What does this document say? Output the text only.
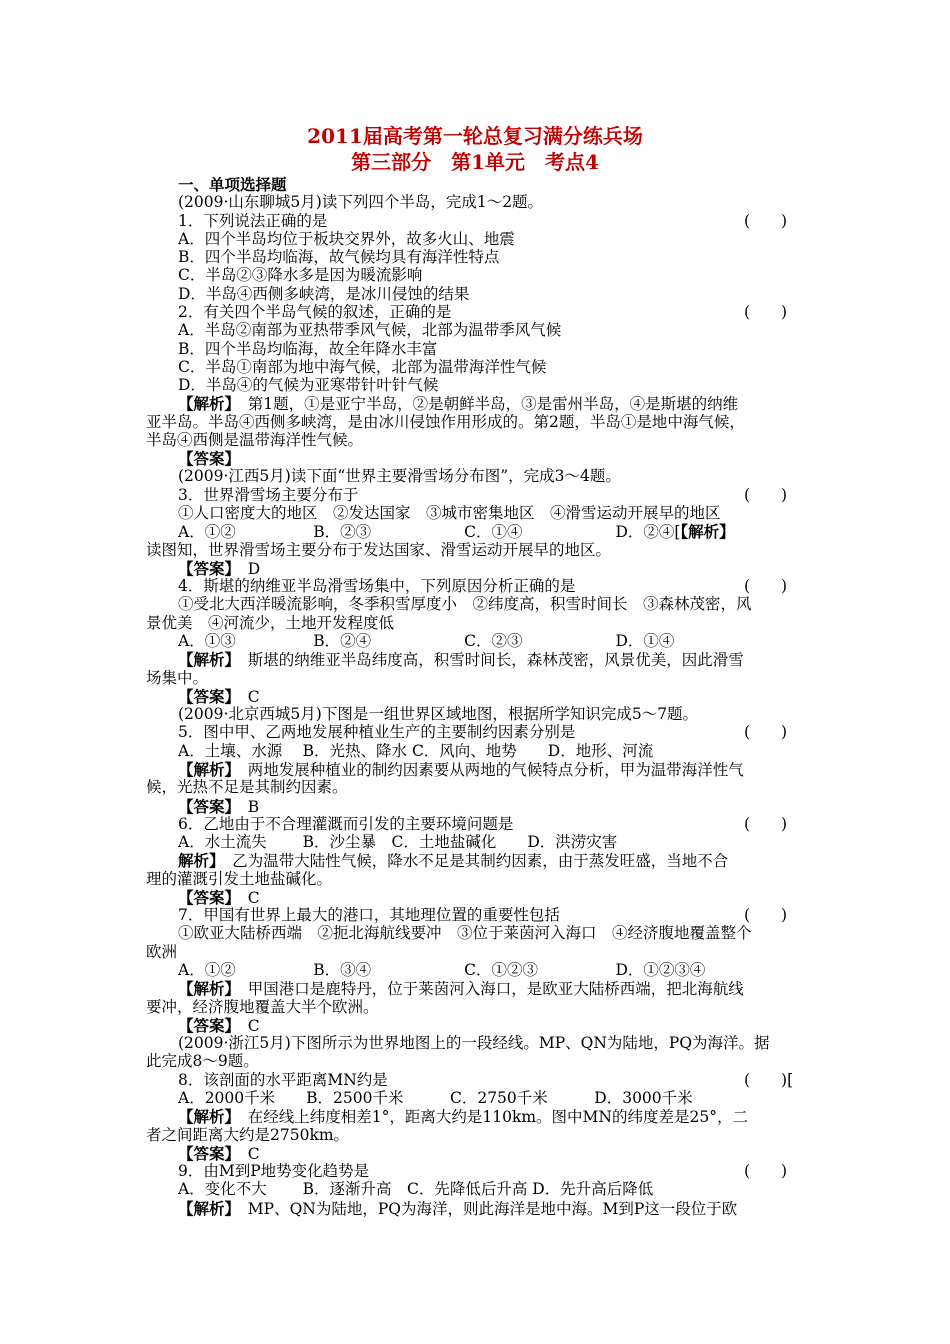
2011届高考第一轮总复习满分练兵场
第三部分　第1单元　考点4
一、单项选择题
(2009·山东聊城5月)读下列四个半岛，完成1～2题。
1．下列说法正确的是	(　　)
A．四个半岛均位于板块交界外，故多火山、地震
B．四个半岛均临海，故气候均具有海洋性特点
C．半岛②③降水多是因为暖流影响
D．半岛④西侧多峡湾，是冰川侵蚀的结果
2．有关四个半岛气候的叙述，正确的是	(　　)
A．半岛②南部为亚热带季风气候，北部为温带季风气候
B．四个半岛均临海，故全年降水丰富
C．半岛①南部为地中海气候，北部为温带海洋性气候
D．半岛④的气候为亚寒带针叶针气候
【解析】　第1题，①是亚宁半岛，②是朝鲜半岛，③是雷州半岛，④是斯堪的纳维
亚半岛。半岛④西侧多峡湾，是由冰川侵蚀作用形成的。第2题，半岛①是地中海气候，
半岛④西侧是温带海洋性气候。
【答案】
(2009·江西5月)读下面“世界主要滑雪场分布图”，完成3～4题。
3．世界滑雪场主要分布于	(　　)
①人口密度大的地区　②发达国家　③城市密集地区　④滑雪运动开展早的地区
A．①②　　　　　B．②③　　　　　　C．①④　　　　　　D．②④[【解析】
读图知，世界滑雪场主要分布于发达国家、滑雪运动开展早的地区。
【答案】　D
4．斯堪的纳维亚半岛滑雪场集中，下列原因分析正确的是	(　　)
①受北大西洋暖流影响，冬季积雪厚度小　②纬度高，积雪时间长　③森林茂密，风
景优美　④河流少，土地开发程度低
A．①③　　　　　B．②④　　　　　　C．②③　　　　　　D．①④
【解析】　斯堪的纳维亚半岛纬度高，积雪时间长，森林茂密，风景优美，因此滑雪
场集中。
【答案】　C
(2009·北京西城5月)下图是一组世界区域地图，根据所学知识完成5～7题。
5．图中甲、乙两地发展种植业生产的主要制约因素分别是	(　　)
A．土壤、水源　 B．光热、降水 C．风向、地势　　D．地形、河流
【解析】　两地发展种植业的制约因素要从两地的气候特点分析，甲为温带海洋性气
候，光热不足是其制约因素。
【答案】　B
6．乙地由于不合理灌溉而引发的主要环境问题是	(　　)
A．水土流失　　 B．沙尘暴　C．土地盐碱化　　D．洪涝灾害
解析】　乙为温带大陆性气候，降水不足是其制约因素，由于蒸发旺盛，当地不合
理的灌溉引发土地盐碱化。
【答案】　C
7．甲国有世界上最大的港口，其地理位置的重要性包括	(　　)
①欧亚大陆桥西端　②扼北海航线要冲　③位于莱茵河入海口　④经济腹地覆盖整个
欧洲
A．①②　　　　　B．③④　　　　　　C．①②③　　　　　D．①②③④
【解析】　甲国港口是鹿特丹，位于莱茵河入海口，是欧亚大陆桥西端，把北海航线
要冲，经济腹地覆盖大半个欧洲。
【答案】　C
(2009·浙江5月)下图所示为世界地图上的一段经线。MP、QN为陆地，PQ为海洋。据
此完成8～9题。
8．该剖面的水平距离MN约是	(　　)[
A．2000千米　　B．2500千米　　　C．2750千米　　　D．3000千米
【解析】　在经线上纬度相差1°，距离大约是110km。图中MN的纬度差是25°，二
者之间距离大约是2750km。
【答案】　C
9．由M到P地势变化趋势是	(　　)
A．变化不大　　 B．逐渐升高　C．先降低后升高 D．先升高后降低
【解析】　MP、QN为陆地，PQ为海洋，则此海洋是地中海。M到P这一段位于欧
